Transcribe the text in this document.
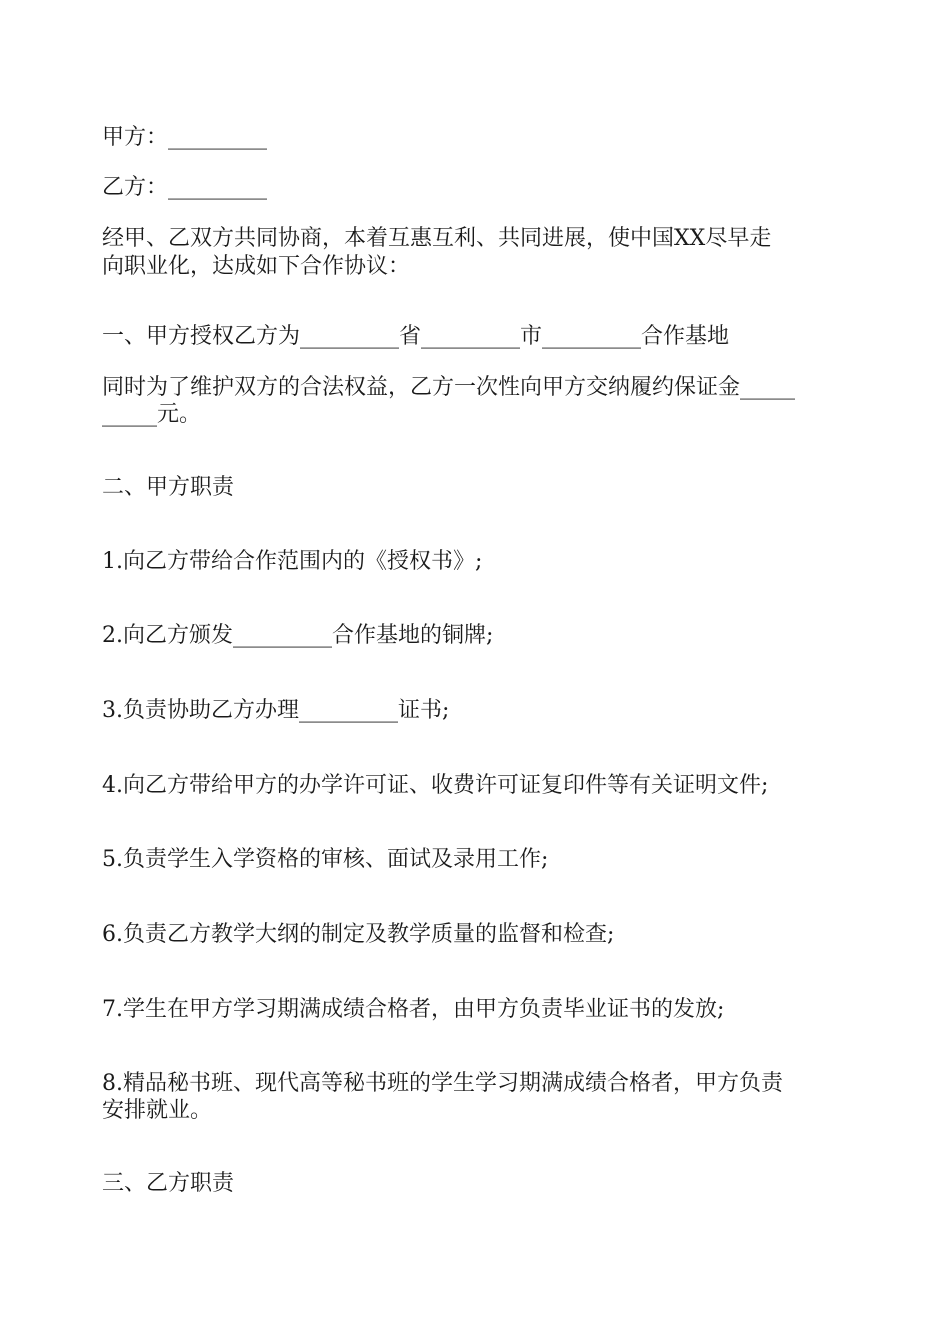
甲方：_________
乙方：_________
经甲、乙双方共同协商，本着互惠互利、共同进展，使中国XX尽早走
向职业化，达成如下合作协议：
一、甲方授权乙方为_________省_________市_________合作基地
同时为了维护双方的合法权益，乙方一次性向甲方交纳履约保证金_____
_____元。
二、甲方职责
1.向乙方带给合作范围内的《授权书》;
2.向乙方颁发_________合作基地的铜牌;
3.负责协助乙方办理_________证书;
4.向乙方带给甲方的办学许可证、收费许可证复印件等有关证明文件;
5.负责学生入学资格的审核、面试及录用工作;
6.负责乙方教学大纲的制定及教学质量的监督和检查;
7.学生在甲方学习期满成绩合格者，由甲方负责毕业证书的发放;
8.精品秘书班、现代高等秘书班的学生学习期满成绩合格者，甲方负责
安排就业。
三、乙方职责
